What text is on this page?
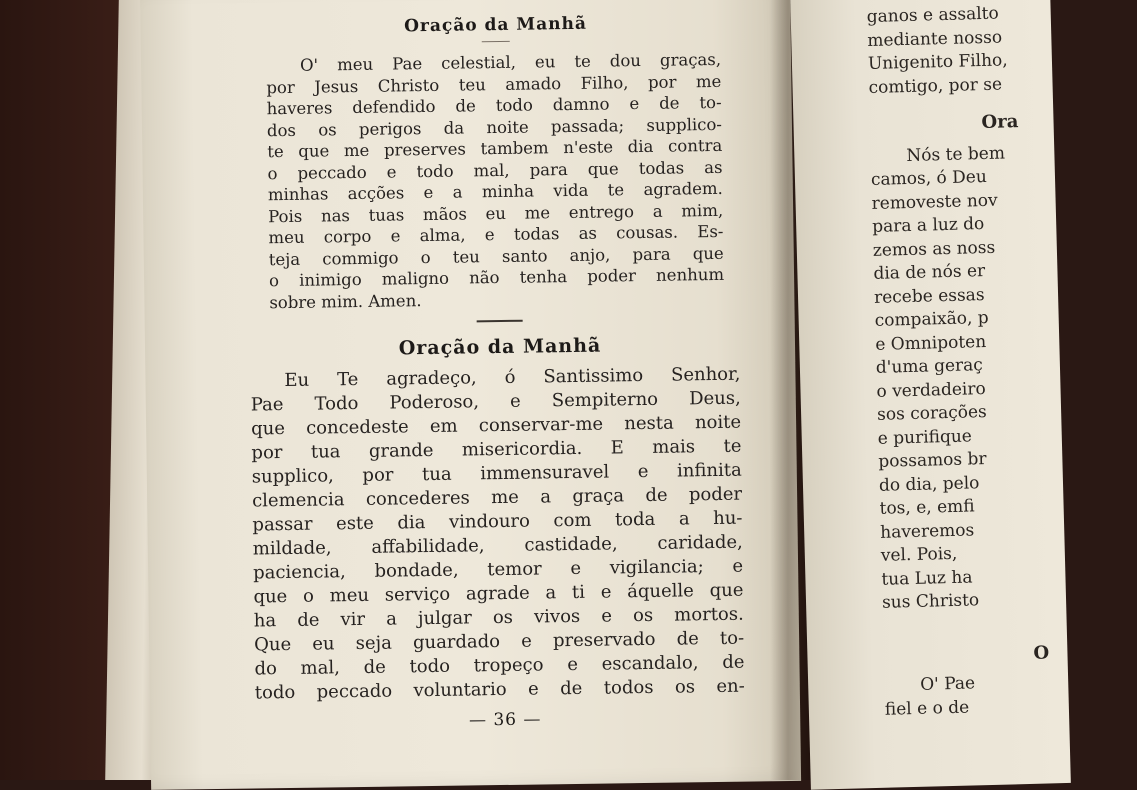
Oração da Manhã
O' meu Pae celestial, eu te dou graças,
por Jesus Christo teu amado Filho, por me
haveres defendido de todo damno e de to-
dos os perigos da noite passada; supplico-
te que me preserves tambem n'este dia contra
o peccado e todo mal, para que todas as
minhas acções e a minha vida te agradem.
Pois nas tuas mãos eu me entrego a mim,
meu corpo e alma, e todas as cousas. Es-
teja commigo o teu santo anjo, para que
o inimigo maligno não tenha poder nenhum
sobre mim. Amen.
Oração da Manhã
Eu Te agradeço, ó Santissimo Senhor,
Pae Todo Poderoso, e Sempiterno Deus,
que concedeste em conservar-me nesta noite
por tua grande misericordia. E mais te
supplico, por tua immensuravel e infinita
clemencia concederes me a graça de poder
passar este dia vindouro com toda a hu-
mildade, affabilidade, castidade, caridade,
paciencia, bondade, temor e vigilancia; e
que o meu serviço agrade a ti e áquelle que
ha de vir a julgar os vivos e os mortos.
Que eu seja guardado e preservado de to-
do mal, de todo tropeço e escandalo, de
todo peccado voluntario e de todos os en-
— 36 —
ganos e assalto
mediante nosso
Unigenito Filho,
comtigo, por se
Ora
Nós te bem
camos, ó Deu
removeste nov
para a luz do
zemos as noss
dia de nós er
recebe essas
compaixão, p
e Omnipoten
d'uma geraç
o verdadeiro
sos corações
e purifique
possamos br
do dia, pelo
tos, e, emfi
haveremos
vel. Pois,
tua Luz ha
sus Christo
O
O' Pae
fiel e o de
